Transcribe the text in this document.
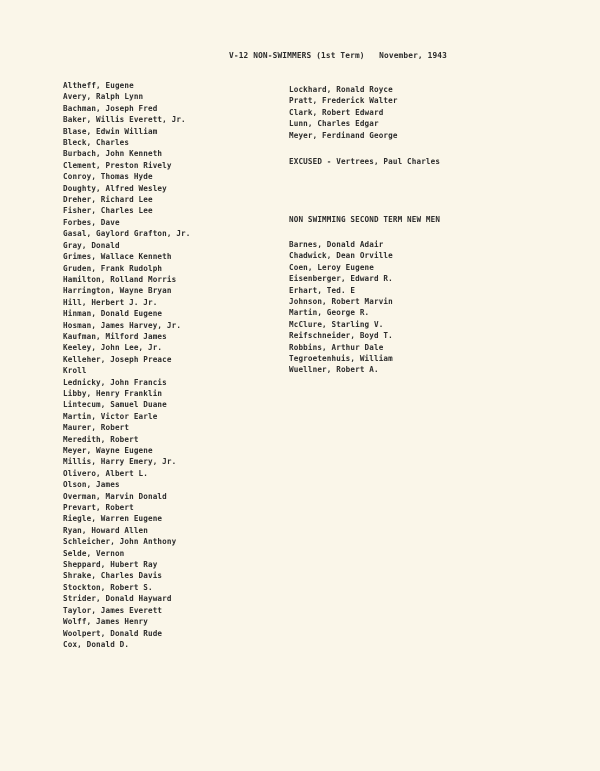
V-12 NON-SWIMMERS (1st Term)   November, 1943
Altheff, Eugene
Avery, Ralph Lynn
Bachman, Joseph Fred
Baker, Willis Everett, Jr.
Blase, Edwin William
Bleck, Charles
Burbach, John Kenneth
Clement, Preston Rively
Conroy, Thomas Hyde
Doughty, Alfred Wesley
Dreher, Richard Lee
Fisher, Charles Lee
Forbes, Dave
Gasal, Gaylord Grafton, Jr.
Gray, Donald
Grimes, Wallace Kenneth
Gruden, Frank Rudolph
Hamilton, Rolland Morris
Harrington, Wayne Bryan
Hill, Herbert J. Jr.
Hinman, Donald Eugene
Hosman, James Harvey, Jr.
Kaufman, Milford James
Keeley, John Lee, Jr.
Kelleher, Joseph Preace
Kroll
Lednicky, John Francis
Libby, Henry Franklin
Lintecum, Samuel Duane
Martin, Victor Earle
Maurer, Robert
Meredith, Robert
Meyer, Wayne Eugene
Millis, Harry Emery, Jr.
Olivero, Albert L.
Olson, James
Overman, Marvin Donald
Prevart, Robert
Riegle, Warren Eugene
Ryan, Howard Allen
Schleicher, John Anthony
Selde, Vernon
Sheppard, Hubert Ray
Shrake, Charles Davis
Stockton, Robert S.
Strider, Donald Hayward
Taylor, James Everett
Wolff, James Henry
Woolpert, Donald Rude
Cox, Donald D.
Lockhard, Ronald Royce
Pratt, Frederick Walter
Clark, Robert Edward
Lunn, Charles Edgar
Meyer, Ferdinand George
EXCUSED - Vertrees, Paul Charles
NON SWIMMING SECOND TERM NEW MEN
Barnes, Donald Adair
Chadwick, Dean Orville
Coen, Leroy Eugene
Eisenberger, Edward R.
Erhart, Ted. E
Johnson, Robert Marvin
Martin, George R.
McClure, Starling V.
Reifschneider, Boyd T.
Robbins, Arthur Dale
Tegroetenhuis, William
Wuellner, Robert A.
